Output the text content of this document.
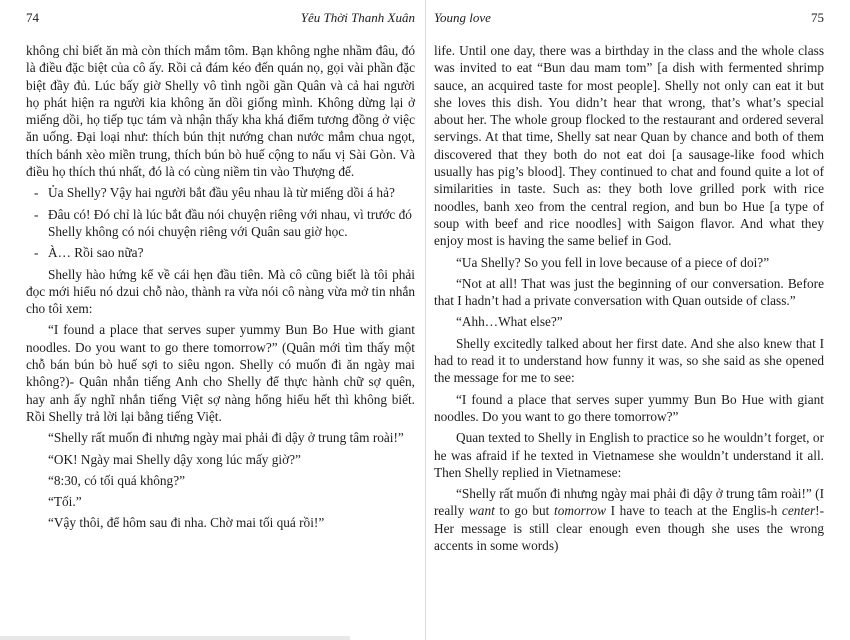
74	Yêu Thời Thanh Xuân

không chỉ biết ăn mà còn thích mắm tôm. Bạn không nghe nhầm đâu, đó là điều đặc biệt của cô ấy. Rồi cả đám kéo đến quán nọ, gọi vài phần đặc biệt đầy đủ. Lúc bấy giờ Shelly vô tình ngồi gần Quân và cả hai người họ phát hiện ra người kia không ăn dồi giống mình. Không dừng lại ở miếng dồi, họ tiếp tục tám và nhận thấy kha khá điểm tương đồng ở việc ăn uống. Đại loại như: thích bún thịt nướng chan nước mắm chua ngọt, thích bánh xèo miền trung, thích bún bò huế cộng to nấu vị Sài Gòn. Và điều họ thích thú nhất, đó là có cùng niềm tin vào Thượng đế.

- Ủa Shelly? Vậy hai người bắt đầu yêu nhau là từ miếng dồi á hả?
- Đâu có! Đó chỉ là lúc bắt đầu nói chuyện riêng với nhau, vì trước đó Shelly không có nói chuyện riêng với Quân sau giờ học.
- À… Rồi sao nữa?

Shelly hào hứng kể về cái hẹn đầu tiên. Mà cô cũng biết là tôi phải đọc mới hiểu nó dzui chỗ nào, thành ra vừa nói cô nàng vừa mở tin nhắn cho tôi xem:

“I found a place that serves super yummy Bun Bo Hue with giant noodles. Do you want to go there tomorrow?” (Quân mới tìm thấy một chỗ bán bún bò huế sợi to siêu ngon. Shelly có muốn đi ăn ngày mai không?)- Quân nhắn tiếng Anh cho Shelly để thực hành chữ sợ quên, hay anh ấy nghĩ nhắn tiếng Việt sợ nàng hổng hiểu hết thì không biết. Rồi Shelly trả lời lại bằng tiếng Việt.

“Shelly rất muốn đi nhưng ngày mai phải đi dậy ở trung tâm roài!”

“OK! Ngày mai Shelly dậy xong lúc mấy giờ?”

“8:30, có tối quá không?”

“Tối.”

“Vậy thôi, để hôm sau đi nha. Chờ mai tối quá rồi!”

Young love	75

life. Until one day, there was a birthday in the class and the whole class was invited to eat “Bun dau mam tom” [a dish with fermented shrimp sauce, an acquired taste for most people]. Shelly not only can eat it but she loves this dish. You didn’t hear that wrong, that’s what’s special about her. The whole group flocked to the restaurant and ordered several servings. At that time, Shelly sat near Quan by chance and both of them discovered that they both do not eat doi [a sausage-like food which usually has pig’s blood]. They continued to chat and found quite a lot of similarities in taste. Such as: they both love grilled pork with rice noodles, banh xeo from the central region, and bun bo Hue [a type of soup with beef and rice noodles] with Saigon flavor. And what they enjoy most is having the same belief in God.

“Ua Shelly? So you fell in love because of a piece of doi?”

“Not at all! That was just the beginning of our conversation. Before that I hadn’t had a private conversation with Quan outside of class.”

“Ahh…What else?”

Shelly excitedly talked about her first date. And she also knew that I had to read it to understand how funny it was, so she said as she opened the message for me to see:

“I found a place that serves super yummy Bun Bo Hue with giant noodles. Do you want to go there tomorrow?”

Quan texted to Shelly in English to practice so he wouldn’t forget, or he was afraid if he texted in Vietnamese she wouldn’t understand it all. Then Shelly replied in Vietnamese:

“Shelly rất muốn đi nhưng ngày mai phải đi dậy ở trung tâm roài!” (I really want to go but tomorrow I have to teach at the Englis-h center!- Her message is still clear enough even though she uses the wrong accents in some words)
